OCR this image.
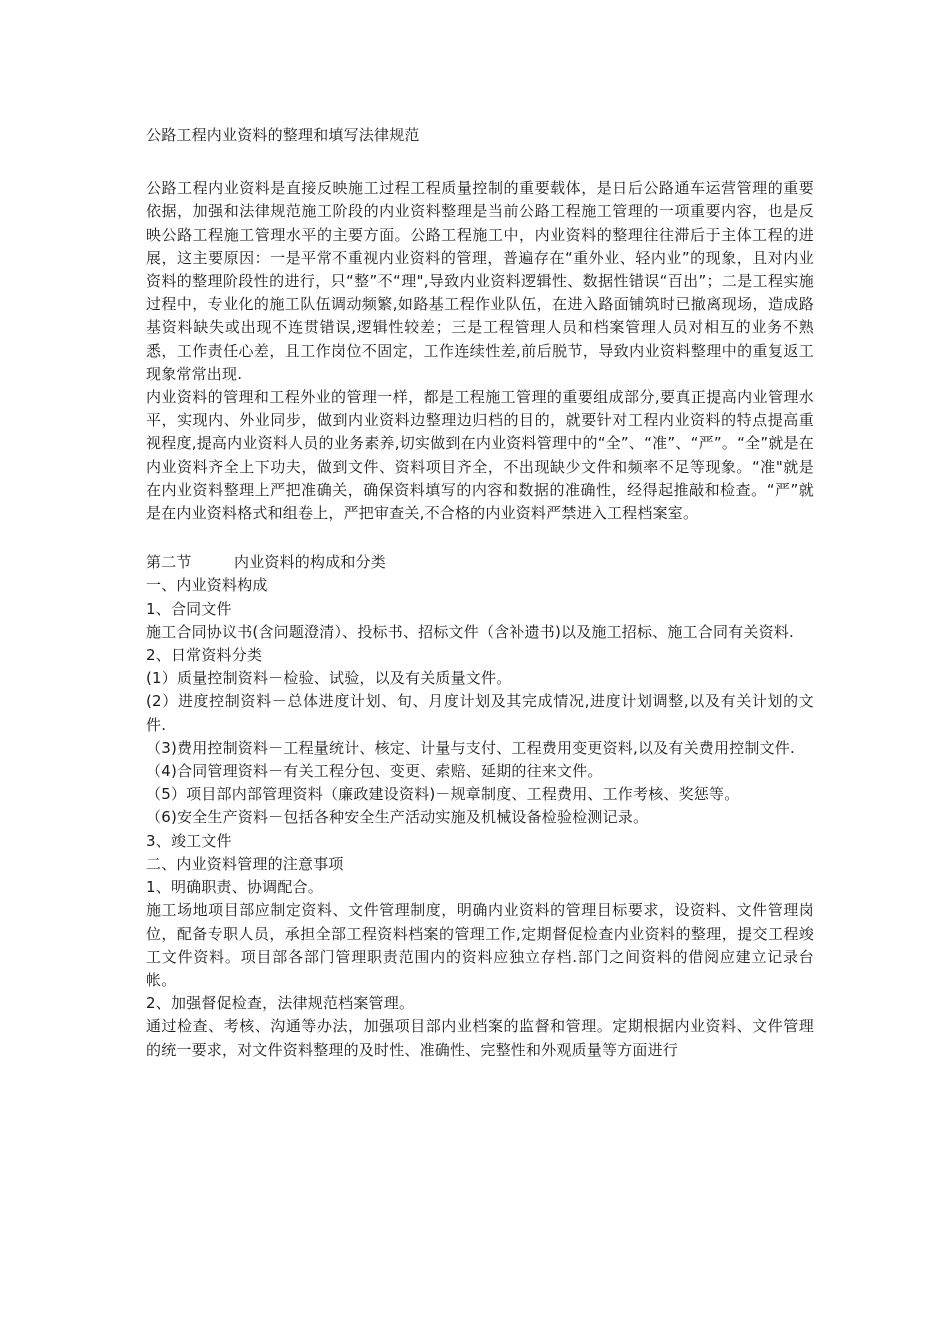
公路工程内业资料的整理和填写法律规范

公路工程内业资料是直接反映施工过程工程质量控制的重要载体，是日后公路通车运营管理的重要依据，加强和法律规范施工阶段的内业资料整理是当前公路工程施工管理的一项重要内容，也是反映公路工程施工管理水平的主要方面。公路工程施工中，内业资料的整理往往滞后于主体工程的进展，这主要原因：一是平常不重视内业资料的管理，普遍存在“重外业、轻内业”的现象，且对内业资料的整理阶段性的进行，只“整”不“理",导致内业资料逻辑性、数据性错误“百出”；二是工程实施过程中，专业化的施工队伍调动频繁,如路基工程作业队伍，在进入路面铺筑时已撤离现场，造成路基资料缺失或出现不连贯错误,逻辑性较差；三是工程管理人员和档案管理人员对相互的业务不熟悉，工作责任心差，且工作岗位不固定，工作连续性差,前后脱节，导致内业资料整理中的重复返工现象常常出现.

内业资料的管理和工程外业的管理一样，都是工程施工管理的重要组成部分,要真正提高内业管理水平，实现内、外业同步，做到内业资料边整理边归档的目的，就要针对工程内业资料的特点提高重视程度,提高内业资料人员的业务素养,切实做到在内业资料管理中的“全”、“准”、“严”。“全”就是在内业资料齐全上下功夫，做到文件、资料项目齐全，不出现缺少文件和频率不足等现象。“准"就是在内业资料整理上严把准确关，确保资料填写的内容和数据的准确性，经得起推敲和检查。“严”就是在内业资料格式和组卷上，严把审查关,不合格的内业资料严禁进入工程档案室。

第二节	内业资料的构成和分类

一、内业资料构成

1、合同文件

施工合同协议书(含问题澄清）、投标书、招标文件（含补遗书)以及施工招标、施工合同有关资料.

2、日常资料分类

(1）质量控制资料－检验、试验，以及有关质量文件。

(2）进度控制资料－总体进度计划、旬、月度计划及其完成情况,进度计划调整,以及有关计划的文件.

（3)费用控制资料－工程量统计、核定、计量与支付、工程费用变更资料,以及有关费用控制文件.

（4)合同管理资料－有关工程分包、变更、索赔、延期的往来文件。

（5）项目部内部管理资料（廉政建设资料)－规章制度、工程费用、工作考核、奖惩等。

（6)安全生产资料－包括各种安全生产活动实施及机械设备检验检测记录。

3、竣工文件

二、内业资料管理的注意事项

1、明确职责、协调配合。

施工场地项目部应制定资料、文件管理制度，明确内业资料的管理目标要求，设资料、文件管理岗位，配备专职人员，承担全部工程资料档案的管理工作,定期督促检查内业资料的整理，提交工程竣工文件资料。项目部各部门管理职责范围内的资料应独立存档.部门之间资料的借阅应建立记录台帐。

2、加强督促检查，法律规范档案管理。

通过检查、考核、沟通等办法，加强项目部内业档案的监督和管理。定期根据内业资料、文件管理的统一要求，对文件资料整理的及时性、准确性、完整性和外观质量等方面进行
